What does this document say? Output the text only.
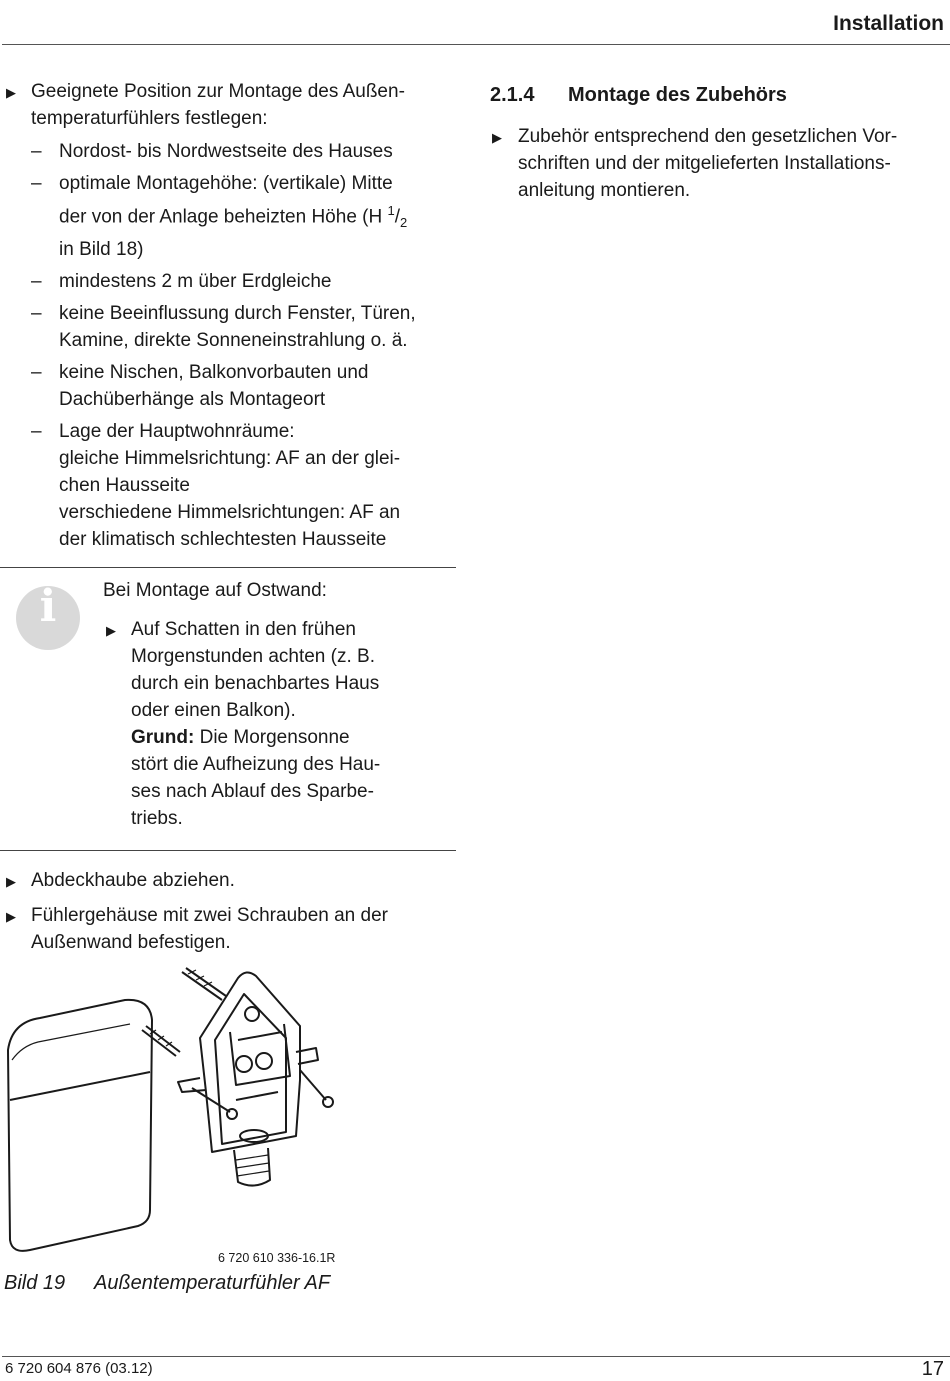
Installation
▶ Geeignete Position zur Montage des Außen-
temperaturfühlers festlegen:
– Nordost- bis Nordwestseite des Hauses
– optimale Montagehöhe: (vertikale) Mitte
der von der Anlage beheizten Höhe (H $^1/_2$
in Bild 18)
– mindestens 2 m über Erdgleiche
– keine Beeinflussung durch Fenster, Türen,
Kamine, direkte Sonneneinstrahlung o. ä.
– keine Nischen, Balkonvorbauten und
Dachüberhänge als Montageort
– Lage der Hauptwohnräume:
gleiche Himmelsrichtung: AF an der glei-
chen Hausseite
verschiedene Himmelsrichtungen: AF an
der klimatisch schlechtesten Hausseite
i	Bei Montage auf Ostwand:
▶ Auf Schatten in den frühen
Morgenstunden achten (z. B.
durch ein benachbartes Haus
oder einen Balkon).
Grund: Die Morgensonne
stört die Aufheizung des Hau-
ses nach Ablauf des Sparbe-
triebs.
▶ Abdeckhaube abziehen.
▶ Fühlergehäuse mit zwei Schrauben an der
Außenwand befestigen.
2.1.4 Montage des Zubehörs
▶ Zubehör entsprechend den gesetzlichen Vor-
schriften und der mitgelieferten Installations-
anleitung montieren.
6 720 610 336-16.1R
Bild 19 Außentemperaturfühler AF
6 720 604 876 (03.12)	17
